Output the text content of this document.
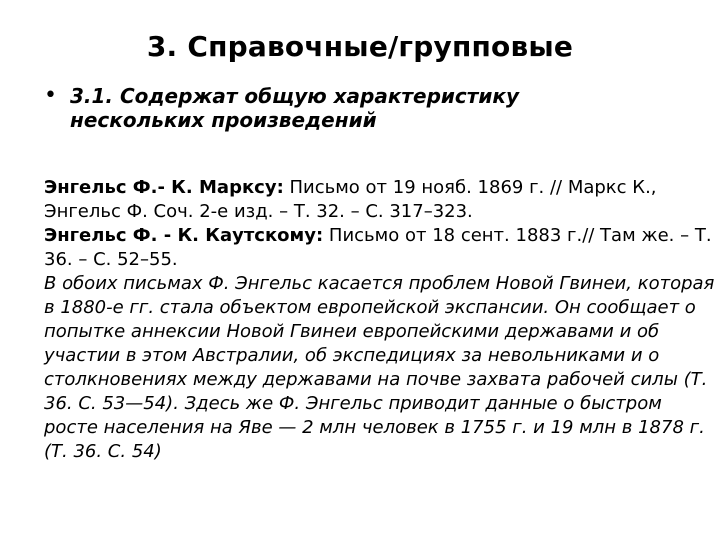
3. Справочные/групповые
• 3.1. Содержат общую характеристику нескольких произведений

Энгельс Ф.- К. Марксу: Письмо от 19 нояб. 1869 г. // Маркс К., Энгельс Ф. Соч. 2-е изд. – Т. 32. – С. 317–323.

Энгельс Ф. - К. Каутскому: Письмо от 18 сент. 1883 г.// Там же. – Т. 36. – С. 52–55.

В обоих письмах Ф. Энгельс касается проблем Новой Гвинеи, которая в 1880-е гг. стала объектом европейской экспансии. Он сообщает о попытке аннексии Новой Гвинеи европейскими державами и об участии в этом Австралии, об экспедициях за невольниками и о столкновениях между державами на почве захвата рабочей силы (Т. 36. С. 53—54). Здесь же Ф. Энгельс приводит данные о быстром росте населения на Яве — 2 млн человек в 1755 г. и 19 млн в 1878 г. (Т. 36. С. 54)
